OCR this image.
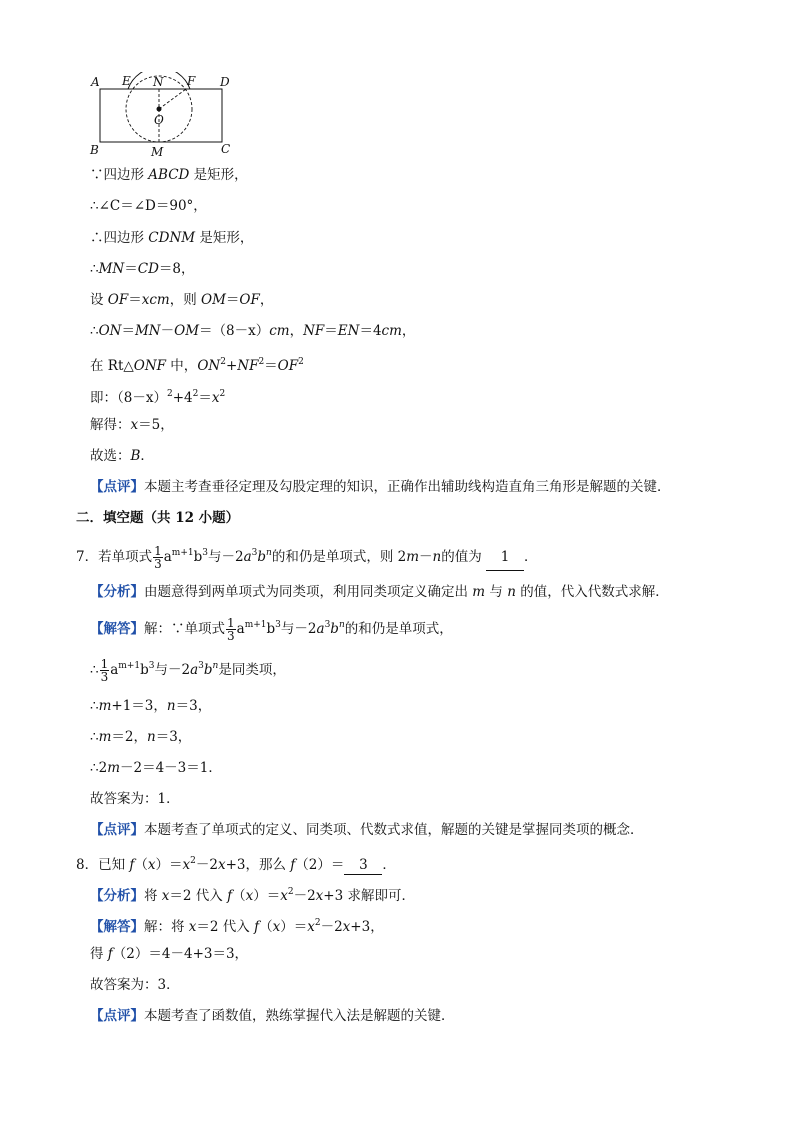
A E N F D
O
B	M	C
∵四边形 ABCD 是矩形，
∴∠C＝∠D＝90°，
∴四边形 CDNM 是矩形，
∴MN＝CD＝8，
设 OF＝xcm，则 OM＝OF，
∴ON＝MN－OM＝（8－x）cm，NF＝EN＝4cm，
在 Rt△ONF 中，$ON^2+NF^2=OF^2$
即：$(8-x)^2+4^2=x^2$
解得：x＝5，
故选：B．
【点评】本题主考查垂径定理及勾股定理的知识，正确作出辅助线构造直角三角形是解题的关键．
二．填空题（共 12 小题）
7．若单项式 $\frac{1}{3} a^{m+1}b^3$与$-2a^3b^n$的和仍是单项式，则 2m－n的值为 1 ．
【分析】由题意得到两单项式为同类项，利用同类项定义确定出 m 与 n 的值，代入代数式求解．
【解答】解：∵单项式 $\frac{1}{3} a^{m+1}b^3$与$-2a^3b^n$的和仍是单项式，
∴ $\frac{1}{3} a^{m+1}b^3$与$-2a^3b^n$是同类项，
∴m+1＝3，n＝3，
∴m＝2，n＝3，
∴2m－2＝4－3＝1．
故答案为：1．
【点评】本题考查了单项式的定义、同类项、代数式求值，解题的关键是掌握同类项的概念．
8．已知 $f(x)=x^2-2x+3$，那么 f（2）＝ 3 ．
【分析】将 x＝2 代入 $f(x)=x^2-2x+3$ 求解即可．
【解答】解：将 x＝2 代入 $f(x)=x^2-2x+3$，
得 f（2）＝4－4+3＝3，
故答案为：3．
【点评】本题考查了函数值，熟练掌握代入法是解题的关键．
